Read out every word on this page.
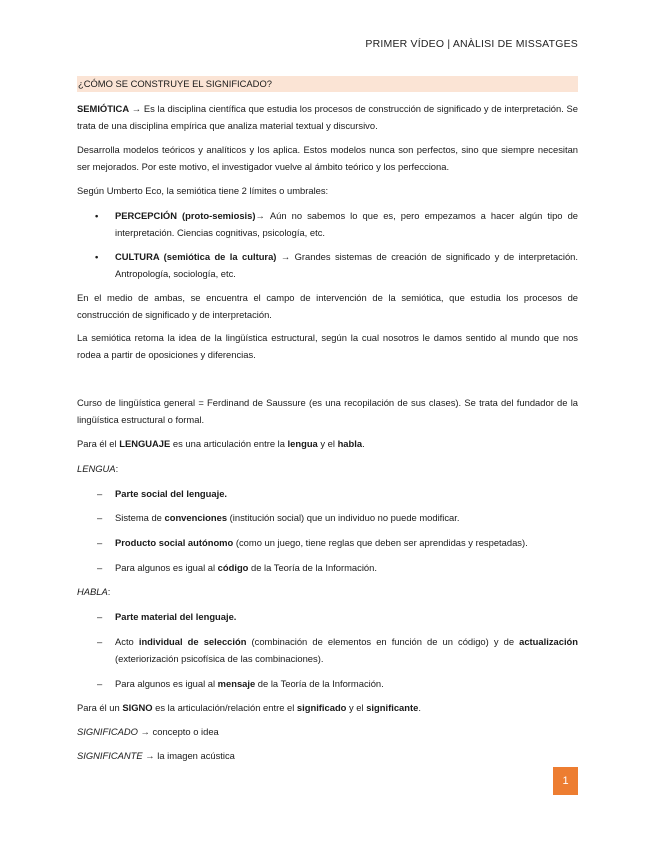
PRIMER VÍDEO | ANÀLISI DE MISSATGES
¿CÓMO SE CONSTRUYE EL SIGNIFICADO?
SEMIÓTICA → Es la disciplina científica que estudia los procesos de construcción de significado y de interpretación. Se trata de una disciplina empírica que analiza material textual y discursivo.
Desarrolla modelos teóricos y analíticos y los aplica. Estos modelos nunca son perfectos, sino que siempre necesitan ser mejorados. Por este motivo, el investigador vuelve al ámbito teórico y los perfecciona.
Según Umberto Eco, la semiótica tiene 2 límites o umbrales:
• PERCEPCIÓN (proto-semiosis)→ Aún no sabemos lo que es, pero empezamos a hacer algún tipo de interpretación. Ciencias cognitivas, psicología, etc.
• CULTURA (semiótica de la cultura) → Grandes sistemas de creación de significado y de interpretación. Antropología, sociología, etc.
En el medio de ambas, se encuentra el campo de intervención de la semiótica, que estudia los procesos de construcción de significado y de interpretación.
La semiótica retoma la idea de la lingüística estructural, según la cual nosotros le damos sentido al mundo que nos rodea a partir de oposiciones y diferencias.
Curso de lingüística general = Ferdinand de Saussure (es una recopilación de sus clases). Se trata del fundador de la lingüística estructural o formal.
Para él el LENGUAJE es una articulación entre la lengua y el habla.
LENGUA:
– Parte social del lenguaje.
– Sistema de convenciones (institución social) que un individuo no puede modificar.
– Producto social autónomo (como un juego, tiene reglas que deben ser aprendidas y respetadas).
– Para algunos es igual al código de la Teoría de la Información.
HABLA:
– Parte material del lenguaje.
– Acto individual de selección (combinación de elementos en función de un código) y de actualización (exteriorización psicofísica de las combinaciones).
– Para algunos es igual al mensaje de la Teoría de la Información.
Para él un SIGNO es la articulación/relación entre el significado y el significante.
SIGNIFICADO → concepto o idea
SIGNIFICANTE → la imagen acústica
1
